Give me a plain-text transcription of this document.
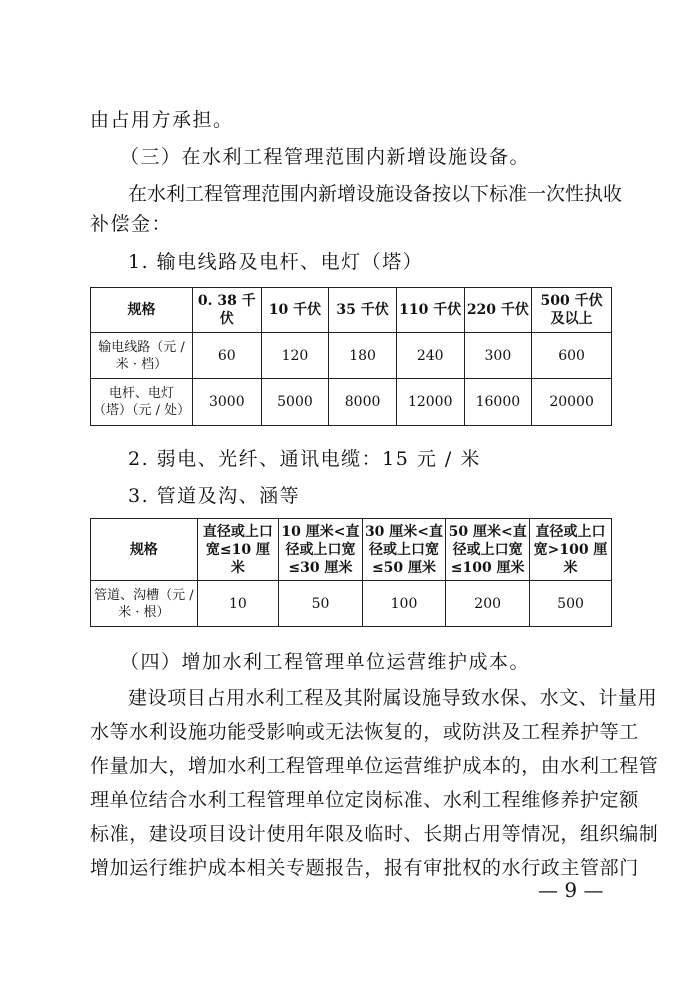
由占用方承担。
（三）在水利工程管理范围内新增设施设备。
在水利工程管理范围内新增设施设备按以下标准一次性执收
补偿金：
1. 输电线路及电杆、电灯（塔）
规格	0. 38 千伏	10 千伏	35 千伏	110 千伏	220 千伏	500 千伏及以上
输电线路（元 / 米 · 档）	60	120	180	240	300	600
电杆、电灯（塔）（元 / 处）	3000	5000	8000	12000	16000	20000
2. 弱电、光纤、通讯电缆：15 元 / 米
3. 管道及沟、涵等
规格	直径或上口宽≤10 厘米	10 厘米<直径或上口宽≤30 厘米	30 厘米<直径或上口宽≤50 厘米	50 厘米<直径或上口宽≤100 厘米	直径或上口宽>100 厘米
管道、沟槽（元 / 米 · 根）	10	50	100	200	500
（四）增加水利工程管理单位运营维护成本。
建设项目占用水利工程及其附属设施导致水保、水文、计量用
水等水利设施功能受影响或无法恢复的，或防洪及工程养护等工
作量加大，增加水利工程管理单位运营维护成本的，由水利工程管
理单位结合水利工程管理单位定岗标准、水利工程维修养护定额
标准，建设项目设计使用年限及临时、长期占用等情况，组织编制
增加运行维护成本相关专题报告，报有审批权的水行政主管部门
— 9 —
